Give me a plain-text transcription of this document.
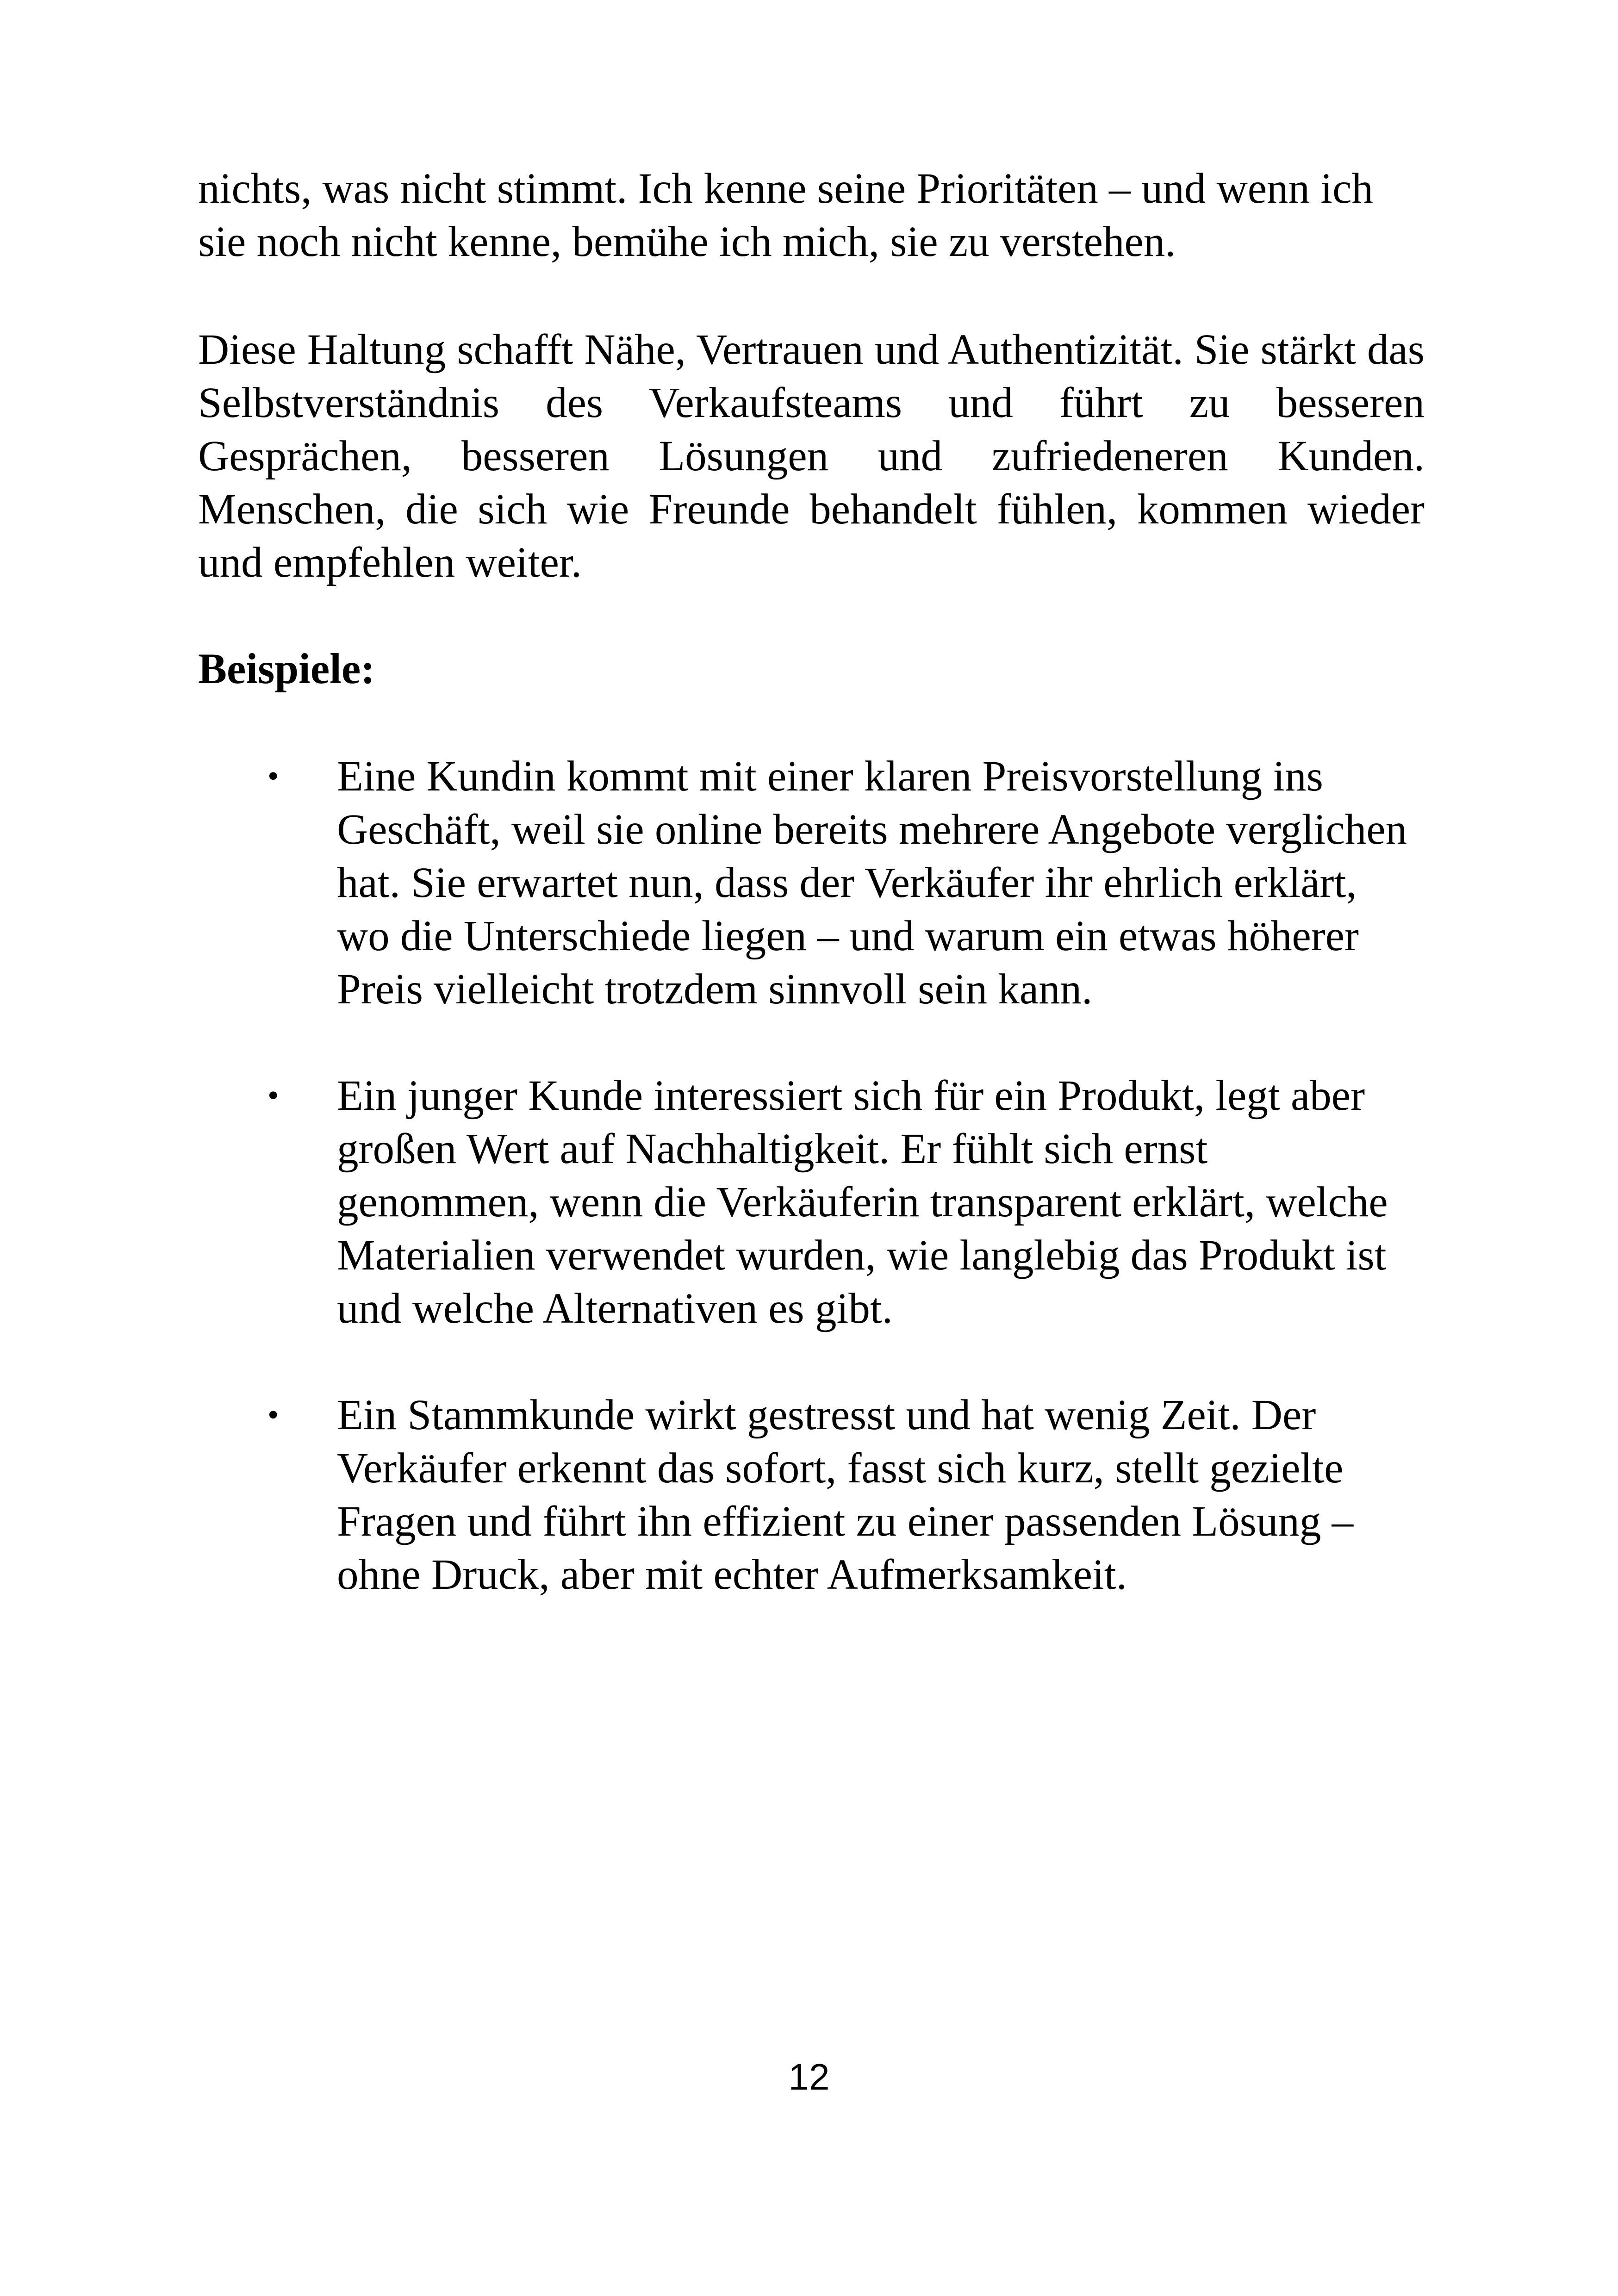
nichts, was nicht stimmt. Ich kenne seine Prioritäten – und wenn ich sie noch nicht kenne, bemühe ich mich, sie zu verstehen.

Diese Haltung schafft Nähe, Vertrauen und Authentizität. Sie stärkt das Selbstverständnis des Verkaufsteams und führt zu besseren Gesprächen, besseren Lösungen und zufriedeneren Kunden. Menschen, die sich wie Freunde behandelt fühlen, kommen wieder und empfehlen weiter.

Beispiele:
• Eine Kundin kommt mit einer klaren Preisvorstellung ins Geschäft, weil sie online bereits mehrere Angebote verglichen hat. Sie erwartet nun, dass der Verkäufer ihr ehrlich erklärt, wo die Unterschiede liegen – und warum ein etwas höherer Preis vielleicht trotzdem sinnvoll sein kann.
• Ein junger Kunde interessiert sich für ein Produkt, legt aber großen Wert auf Nachhaltigkeit. Er fühlt sich ernst genommen, wenn die Verkäuferin transparent erklärt, welche Materialien verwendet wurden, wie langlebig das Produkt ist und welche Alternativen es gibt.
• Ein Stammkunde wirkt gestresst und hat wenig Zeit. Der Verkäufer erkennt das sofort, fasst sich kurz, stellt gezielte Fragen und führt ihn effizient zu einer passenden Lösung – ohne Druck, aber mit echter Aufmerksamkeit.
12
